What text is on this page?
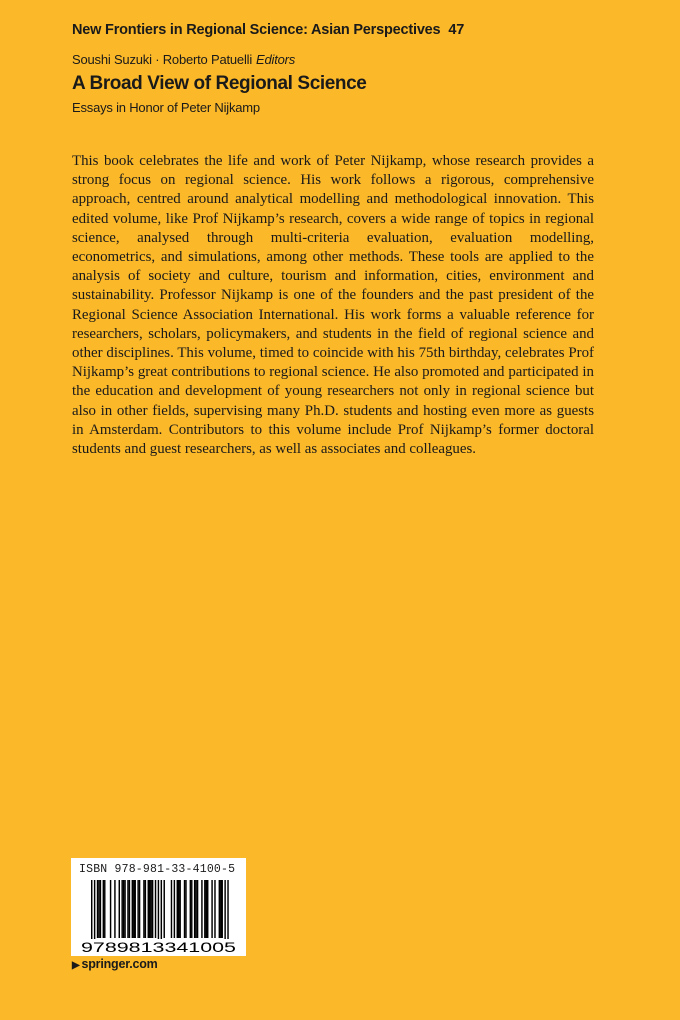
New Frontiers in Regional Science: Asian Perspectives 47
Soushi Suzuki · Roberto Patuelli Editors
A Broad View of Regional Science
Essays in Honor of Peter Nijkamp

This book celebrates the life and work of Peter Nijkamp, whose research provides a strong focus on regional science. His work follows a rigorous, comprehensive approach, centred around analytical modelling and methodological innovation. This edited volume, like Prof Nijkamp’s research, covers a wide range of topics in regional science, analysed through multi-criteria evaluation, evaluation modelling, econometrics, and simulations, among other methods. These tools are applied to the analysis of society and culture, tourism and information, cities, environment and sustainability. Professor Nijkamp is one of the founders and the past president of the Regional Science Association International. His work forms a valuable reference for researchers, scholars, policymakers, and students in the field of regional science and other disciplines. This volume, timed to coincide with his 75th birthday, celebrates Prof Nijkamp’s great contributions to regional science. He also promoted and participated in the education and development of young researchers not only in regional science but also in other fields, supervising many Ph.D. students and hosting even more as guests in Amsterdam. Contributors to this volume include Prof Nijkamp’s former doctoral students and guest researchers, as well as associates and colleagues.

ISBN 978-981-33-4100-5
9789813341005
▶ springer.com
